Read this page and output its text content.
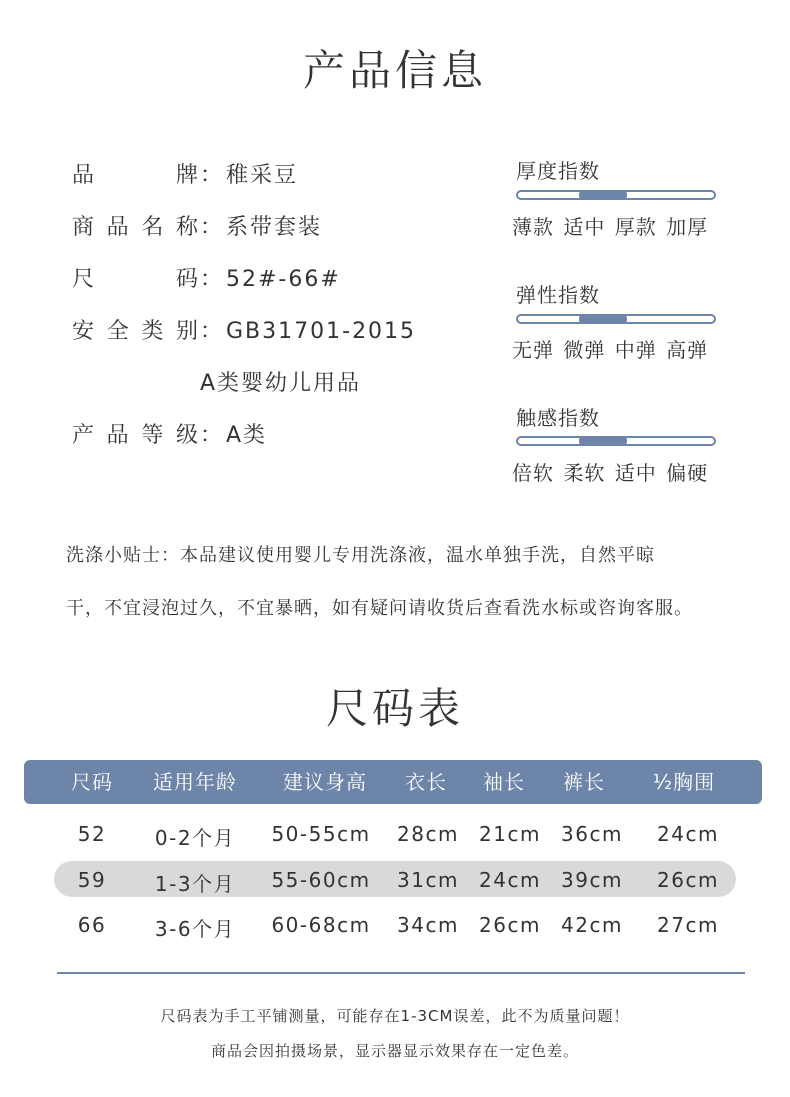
产品信息
品牌：稚采豆
商品名称：系带套装
尺码：52#-66#
安全类别：GB31701-2015
A类婴幼儿用品
产品等级：A类
厚度指数
薄款 适中 厚款 加厚
弹性指数
无弹 微弹 中弹 高弹
触感指数
倍软 柔软 适中 偏硬
洗涤小贴士：本品建议使用婴儿专用洗涤液，温水单独手洗，自然平晾
干，不宜浸泡过久，不宜暴晒，如有疑问请收货后查看洗水标或咨询客服。
尺码表
尺码	适用年龄	建议身高	衣长	袖长	裤长	½胸围
52	0-2个月	50-55cm	28cm 21cm	36cm	24cm
59	1-3个月	55-60cm	31cm 24cm	39cm	26cm
66	3-6个月	60-68cm	34cm 26cm	42cm	27cm
尺码表为手工平铺测量，可能存在1-3CM误差，此不为质量问题！
商品会因拍摄场景，显示器显示效果存在一定色差。
